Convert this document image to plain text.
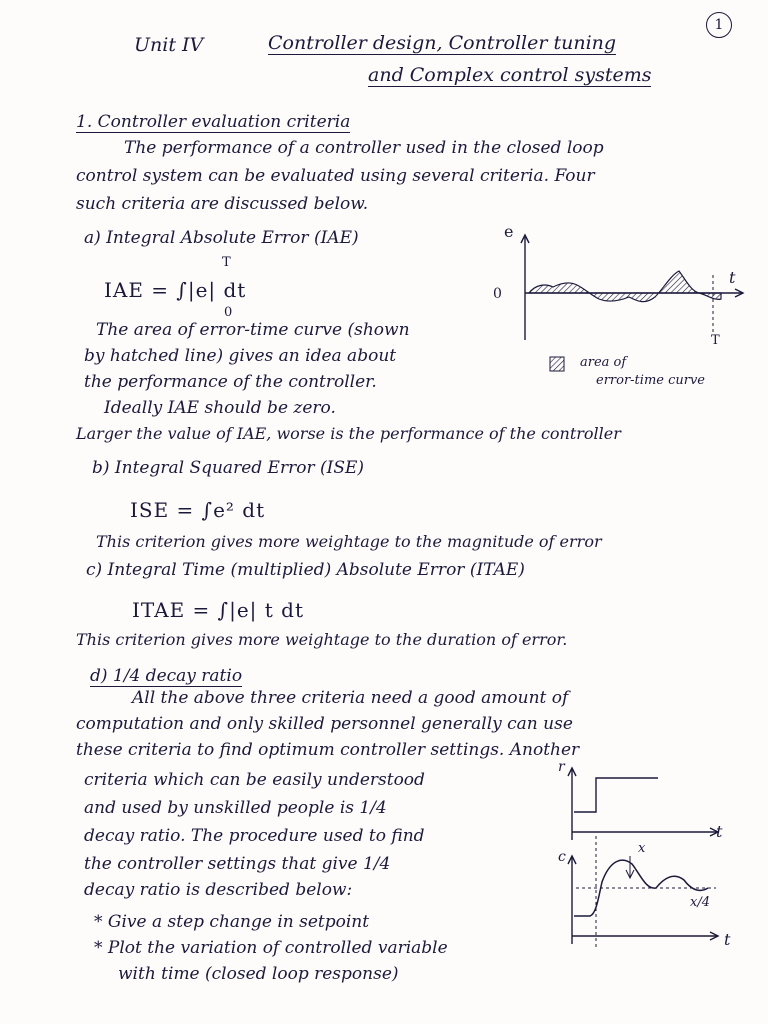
1
Unit IV	Controller design, Controller tuning
and Complex control systems
1. Controller evaluation criteria
The performance of a controller used in the closed loop
control system can be evaluated using several criteria. Four
such criteria are discussed below.
a) Integral Absolute Error (IAE)
T
IAE = ∫|e| dt
0
The area of error-time curve (shown
by hatched line) gives an idea about
the performance of the controller.
Ideally IAE should be zero.
Larger the value of IAE, worse is the performance of the controller
e
t
0
T
area of
error-time curve
b) Integral Squared Error (ISE)
ISE = ∫e² dt
This criterion gives more weightage to the magnitude of error
c) Integral Time (multiplied) Absolute Error (ITAE)
ITAE = ∫|e| t dt
This criterion gives more weightage to the duration of error.
d) 1/4 decay ratio
All the above three criteria need a good amount of
computation and only skilled personnel generally can use
these criteria to find optimum controller settings. Another
criteria which can be easily understood
and used by unskilled people is 1/4
decay ratio. The procedure used to find
the controller settings that give 1/4
decay ratio is described below:
* Give a step change in setpoint
* Plot the variation of controlled variable
with time (closed loop response)
r
t
c
t
x
x/4
